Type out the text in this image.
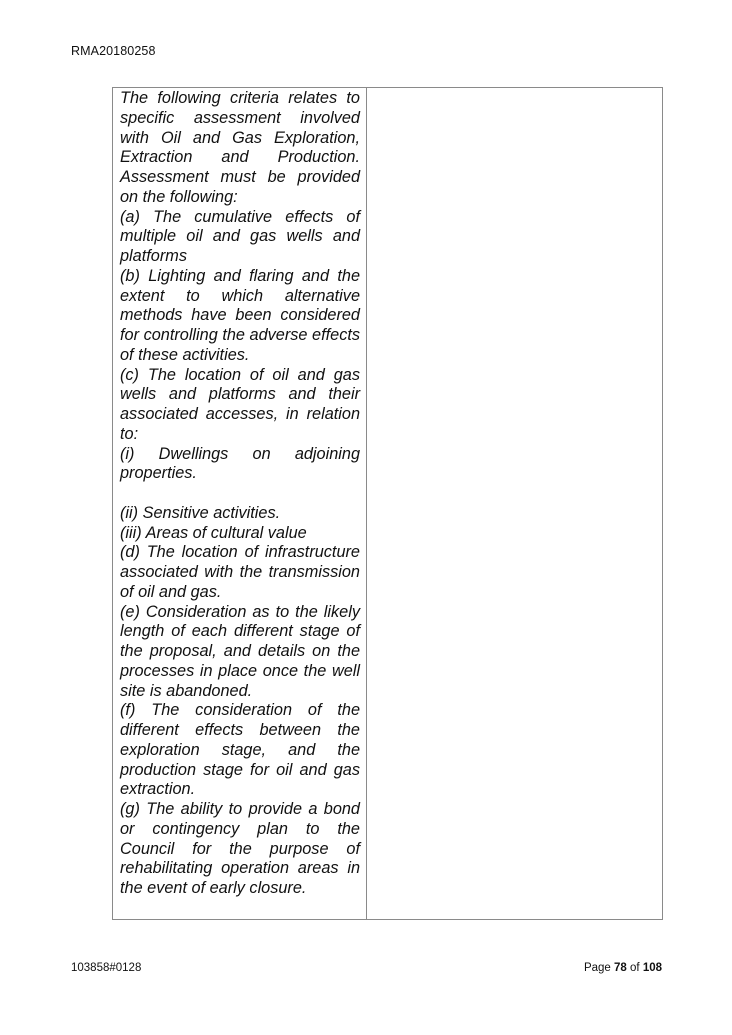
RMA20180258

The following criteria relates to specific assessment involved with Oil and Gas Exploration, Extraction and Production. Assessment must be provided on the following:

(a) The cumulative effects of multiple oil and gas wells and platforms

(b) Lighting and flaring and the extent to which alternative methods have been considered for controlling the adverse effects of these activities.

(c) The location of oil and gas wells and platforms and their associated accesses, in relation to:

(i) Dwellings on adjoining properties.

(ii) Sensitive activities.

(iii) Areas of cultural value

(d) The location of infrastructure associated with the transmission of oil and gas.

(e) Consideration as to the likely length of each different stage of the proposal, and details on the processes in place once the well site is abandoned.

(f) The consideration of the different effects between the exploration stage, and the production stage for oil and gas extraction.

(g) The ability to provide a bond or contingency plan to the Council for the purpose of rehabilitating operation areas in the event of early closure.

103858#0128	Page 78 of 108
